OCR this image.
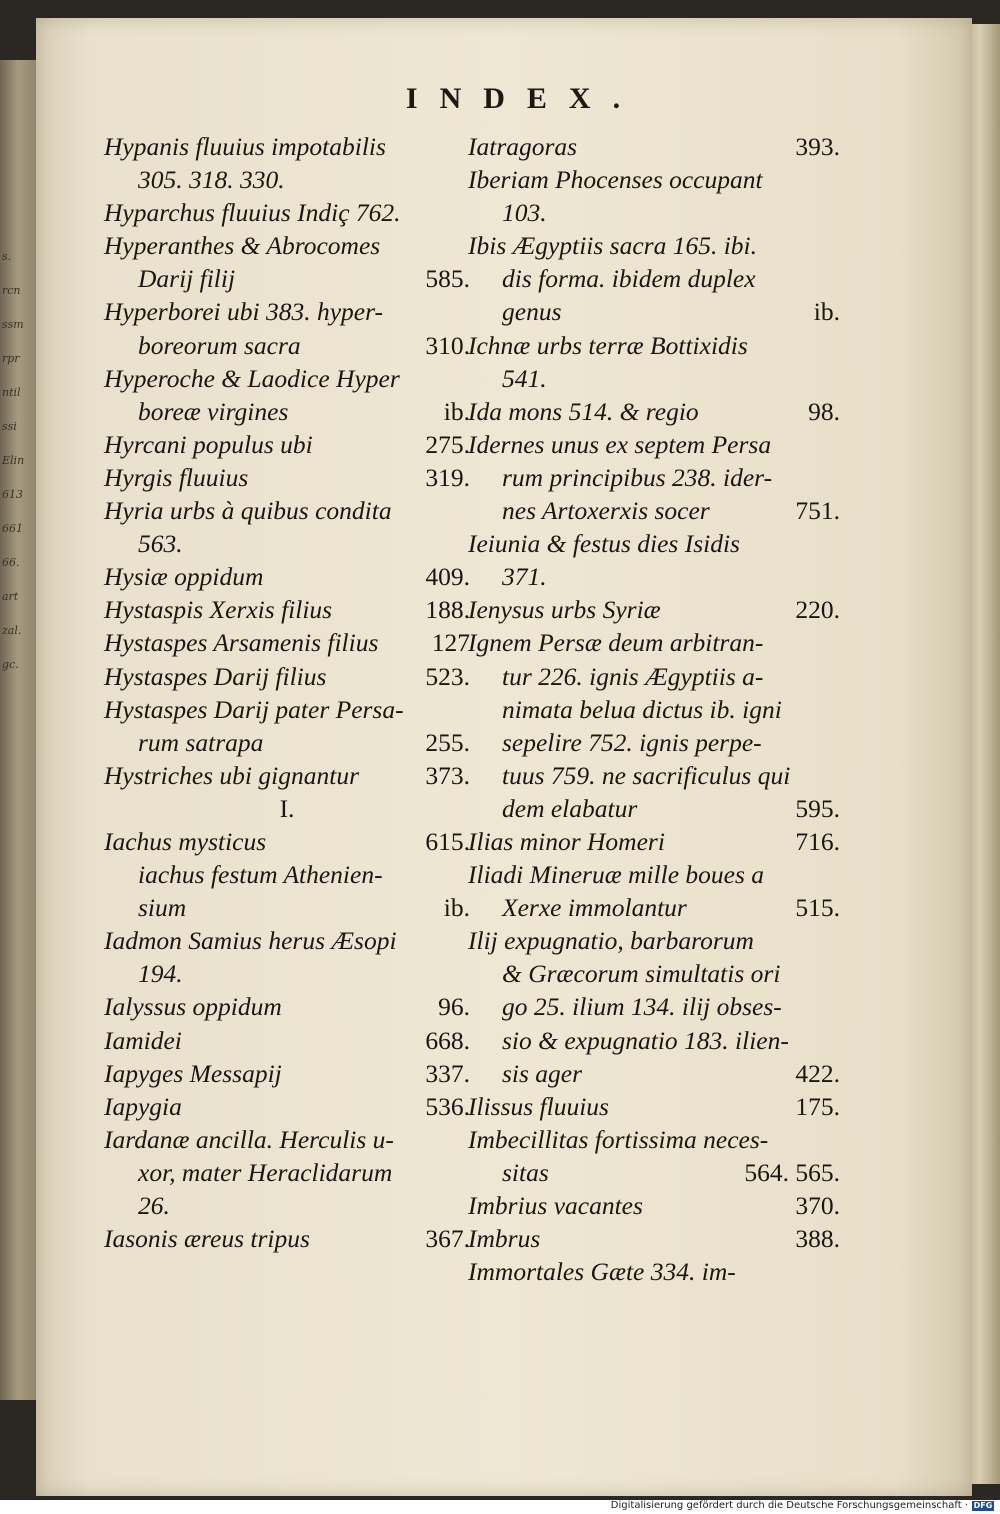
s.
rcn
ssm
rpr
ntil
ssi
Elin
613
661
66.
art
zal.
gc.
INDEX.
Hypanis fluuius impotabilis
305. 318. 330.
Hyparchus fluuius Indiç 762.
Hyperanthes & Abrocomes
Darij filij	585.
Hyperborei ubi 383. hyper-
boreorum sacra	310.
Hyperoche & Laodice Hyper
boreæ virgines	ib.
Hyrcani populus ubi	275.
Hyrgis fluuius	319.
Hyria urbs à quibus condita
563.
Hysiæ oppidum	409.
Hystaspis Xerxis filius	188.
Hystaspes Arsamenis filius 127
Hystaspes Darij filius	523.
Hystaspes Darij pater Persa-
rum satrapa	255.
Hystriches ubi gignantur	373.
I.
Iachus mysticus	615.
iachus festum Athenien-
sium	ib.
Iadmon Samius herus Æsopi
194.
Ialyssus oppidum	96.
Iamidei	668.
Iapyges Messapij	337.
Iapygia	536.
Iardanæ ancilla. Herculis u-
xor, mater Heraclidarum
26.
Iasonis æreus tripus	367.
Iatragoras	393.
Iberiam Phocenses occupant
103.
Ibis Ægyptiis sacra 165. ibi.
dis forma. ibidem duplex
genus	ib.
Ichnæ urbs terræ Bottixidis
541.
Ida mons 514. & regio	98.
Idernes unus ex septem Persa
rum principibus 238. ider-
nes Artoxerxis socer	751.
Ieiunia & festus dies Isidis
371.
Ienysus urbs Syriæ	220.
Ignem Persæ deum arbitran-
tur 226. ignis Ægyptiis a-
nimata belua dictus ib. igni
sepelire 752. ignis perpe-
tuus 759. ne sacrificulus qui
dem elabatur	595.
Ilias minor Homeri	716.
Iliadi Mineruæ mille boues a
Xerxe immolantur	515.
Ilij expugnatio, barbarorum
& Græcorum simultatis ori
go 25. ilium 134. ilij obses-
sio & expugnatio 183. ilien-
sis ager	422.
Ilissus fluuius	175.
Imbecillitas fortissima neces-
sitas	564. 565.
Imbrius vacantes	370.
Imbrus	388.
Immortales Gæte 334. im-
Digitalisierung gefördert durch die Deutsche Forschungsgemeinschaft · DFG
